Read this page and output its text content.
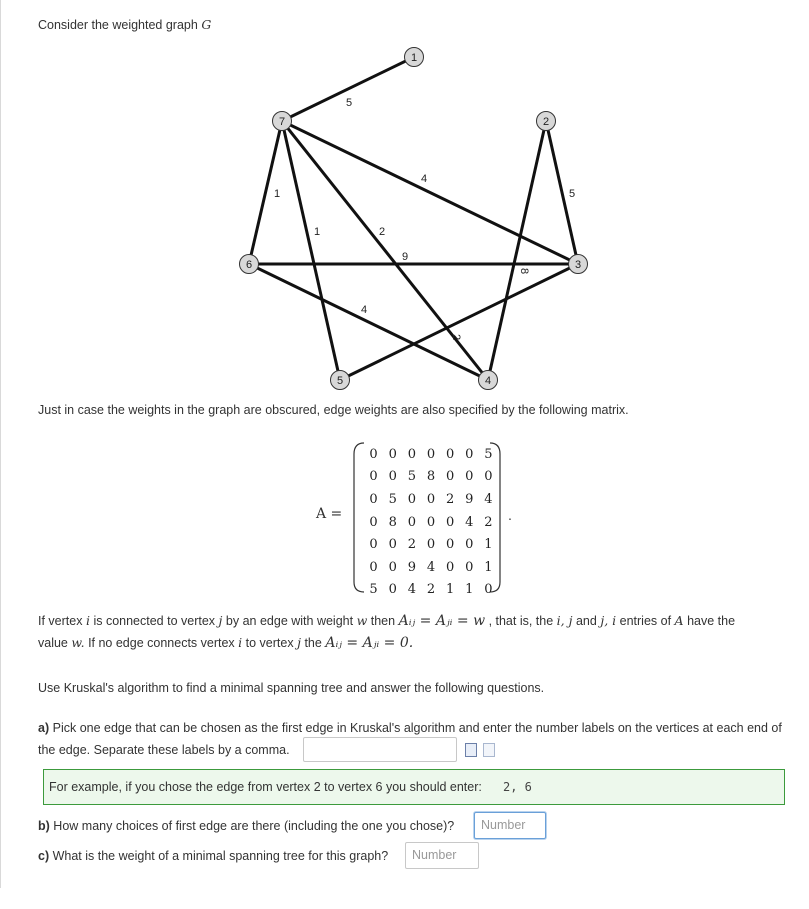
Consider the weighted graph G
5
1
1	2
4
9
4
2
5
8
1
2
3
4
5
6
7
Just in case the weights in the graph are obscured, edge weights are also specified by the following matrix.
A =
0 0 0 0 0 0 5
0 0 5 8 0 0 0
0 5 0 0 2 9 4
0 8 0 0 0 4 2
0 0 2 0 0 0 1
0 0 9 4 0 0 1
5 0 4 2 1 1 0
.
If vertex i is connected to vertex j by an edge with weight w then Aᵢⱼ = Aⱼᵢ = w , that is, the i, j and j, i entries of A have the
value w. If no edge connects vertex i to vertex j the Aᵢⱼ = Aⱼᵢ = 0.
Use Kruskal's algorithm to find a minimal spanning tree and answer the following questions.
a) Pick one edge that can be chosen as the first edge in Kruskal's algorithm and enter the number labels on the vertices at each end of
the edge. Separate these labels by a comma.
For example, if you chose the edge from vertex 2 to vertex 6 you should enter: 2, 6
b) How many choices of first edge are there (including the one you chose)?	Number
c) What is the weight of a minimal spanning tree for this graph?	Number
